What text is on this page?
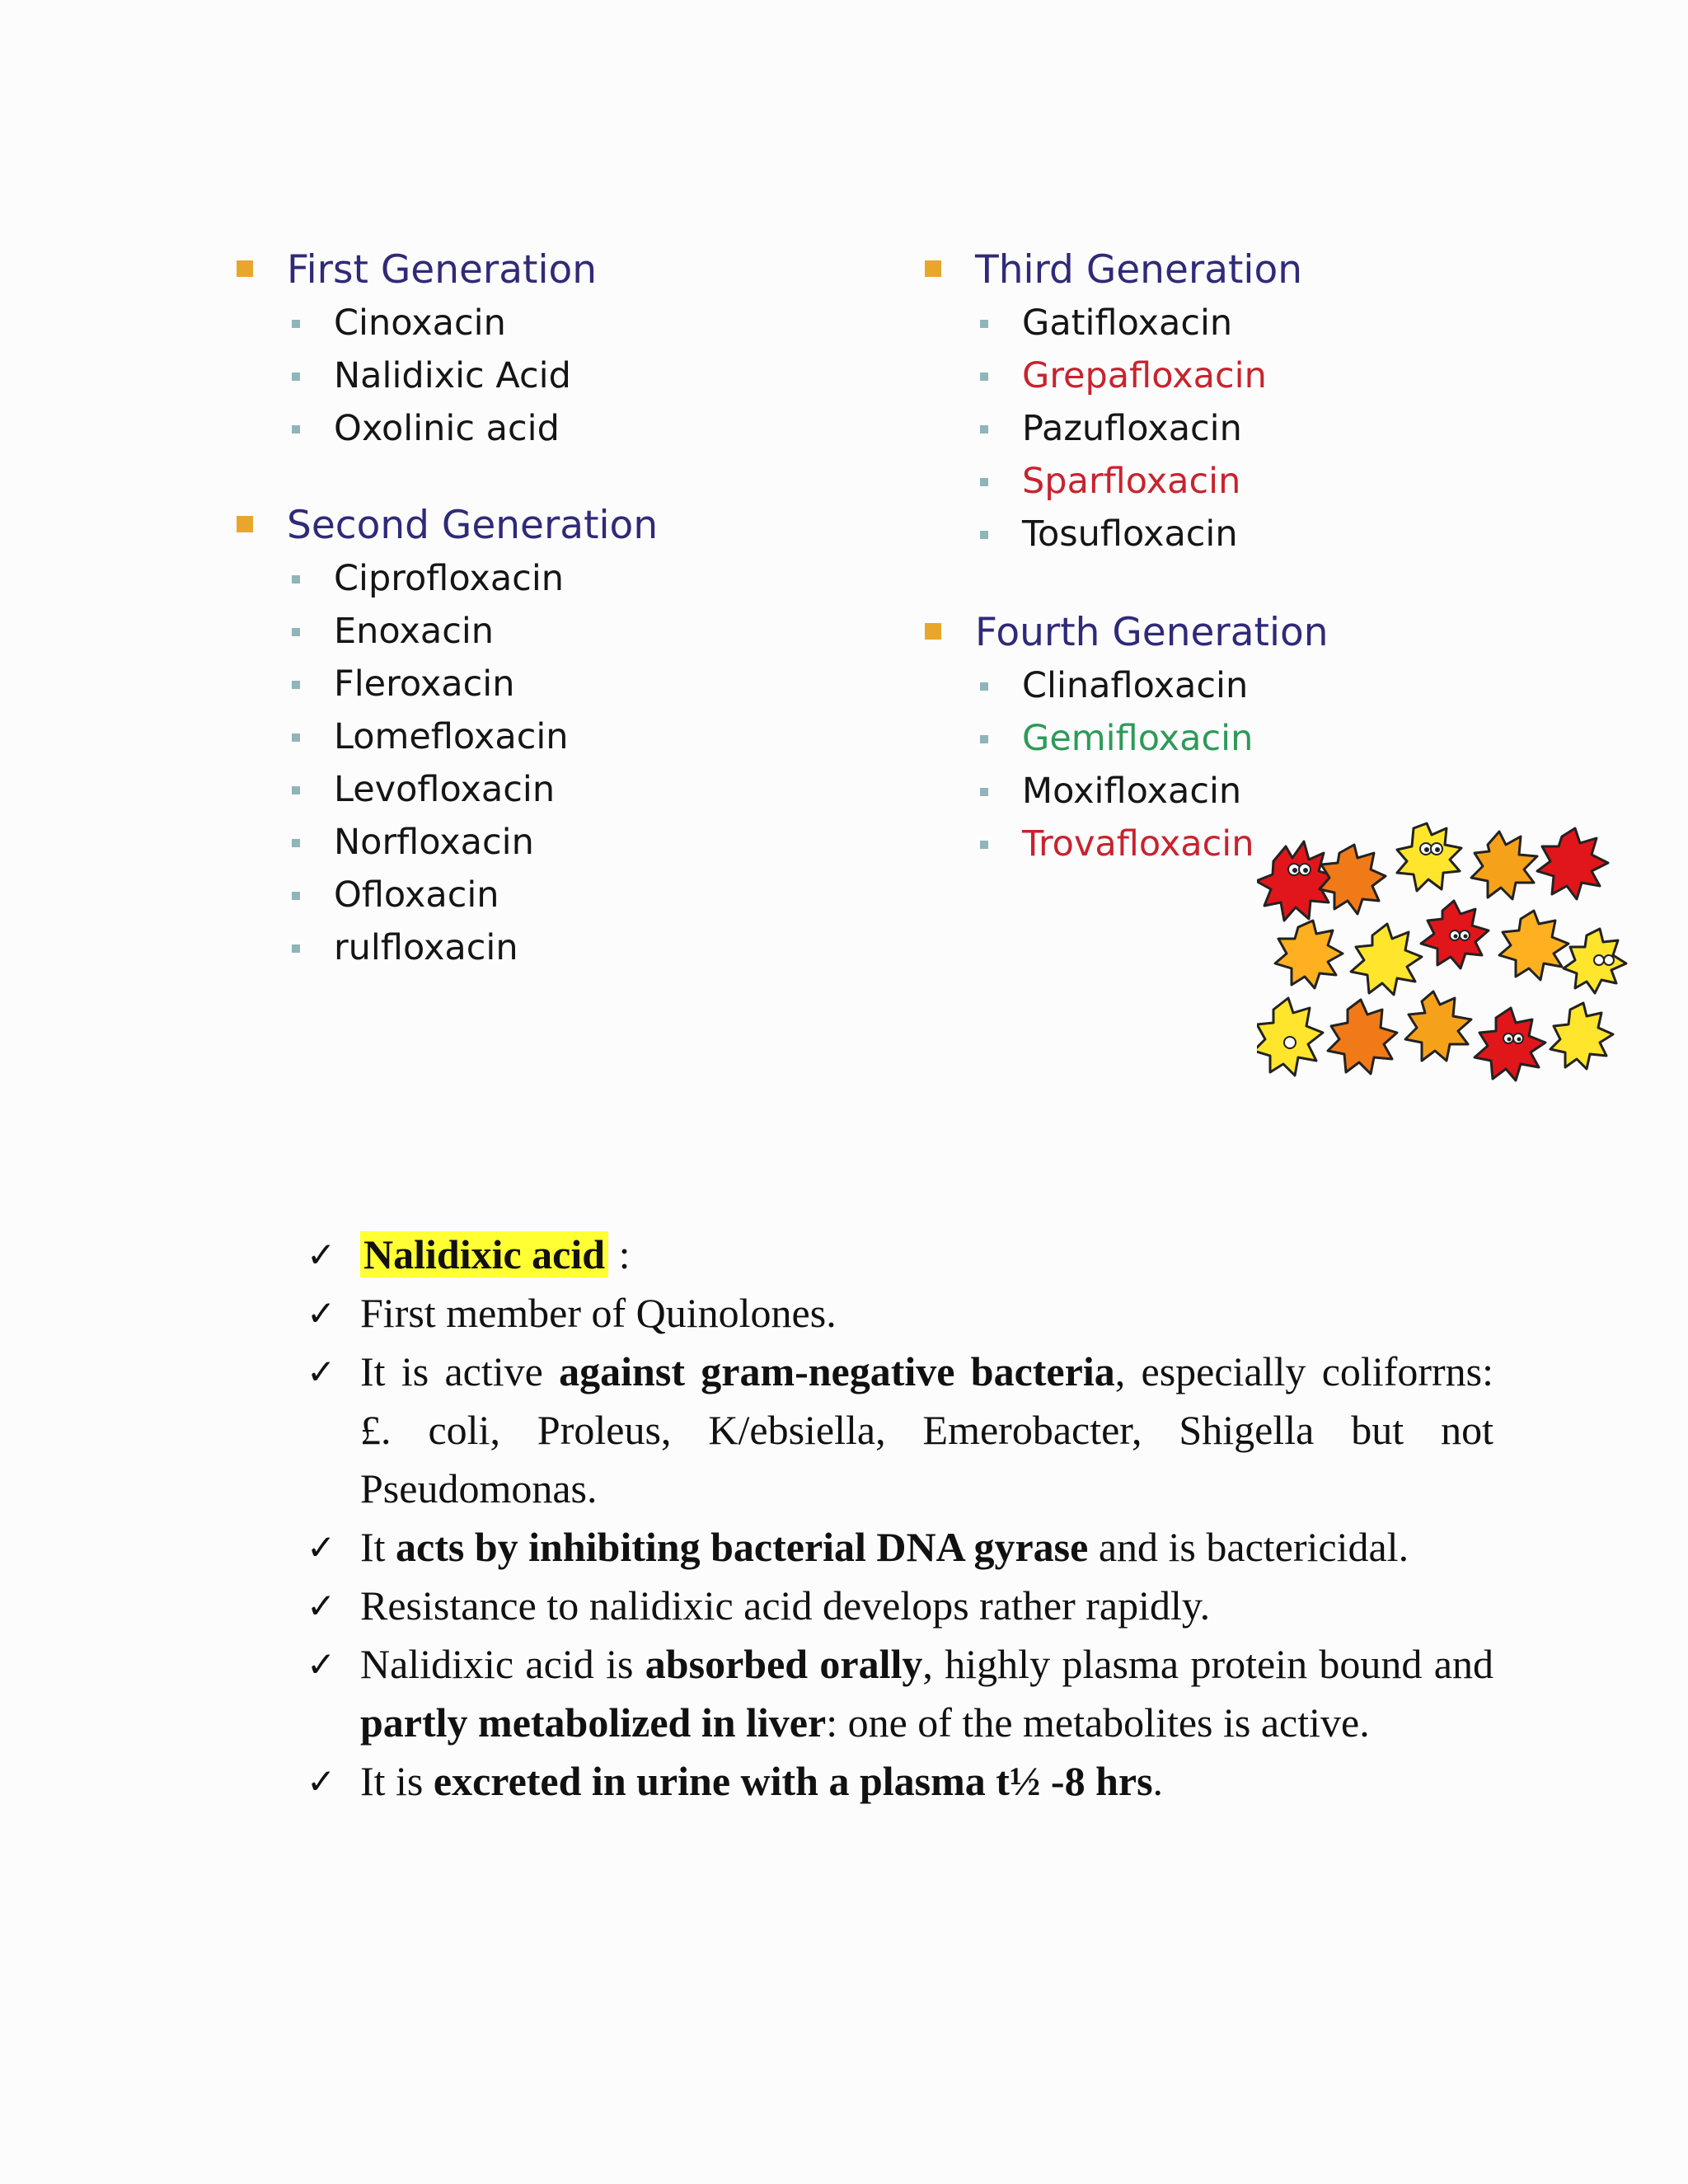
First Generation
Cinoxacin
Nalidixic Acid
Oxolinic acid
Second Generation
Ciprofloxacin
Enoxacin
Fleroxacin
Lomefloxacin
Levofloxacin
Norfloxacin
Ofloxacin
rulfloxacin
Third Generation
Gatifloxacin
Grepafloxacin
Pazufloxacin
Sparfloxacin
Tosufloxacin
Fourth Generation
Clinafloxacin
Gemifloxacin
Moxifloxacin
Trovafloxacin
✓ Nalidixic acid :
✓ First member of Quinolones.
✓ It is active against gram-negative bacteria, especially coliforrns: £. coli, Proleus, K/ebsiella, Emerobacter, Shigella but not Pseudomonas.
✓ It acts by inhibiting bacterial DNA gyrase and is bactericidal.
✓ Resistance to nalidixic acid develops rather rapidly.
✓ Nalidixic acid is absorbed orally, highly plasma protein bound and partly metabolized in liver: one of the metabolites is active.
✓ It is excreted in urine with a plasma t½ -8 hrs.
